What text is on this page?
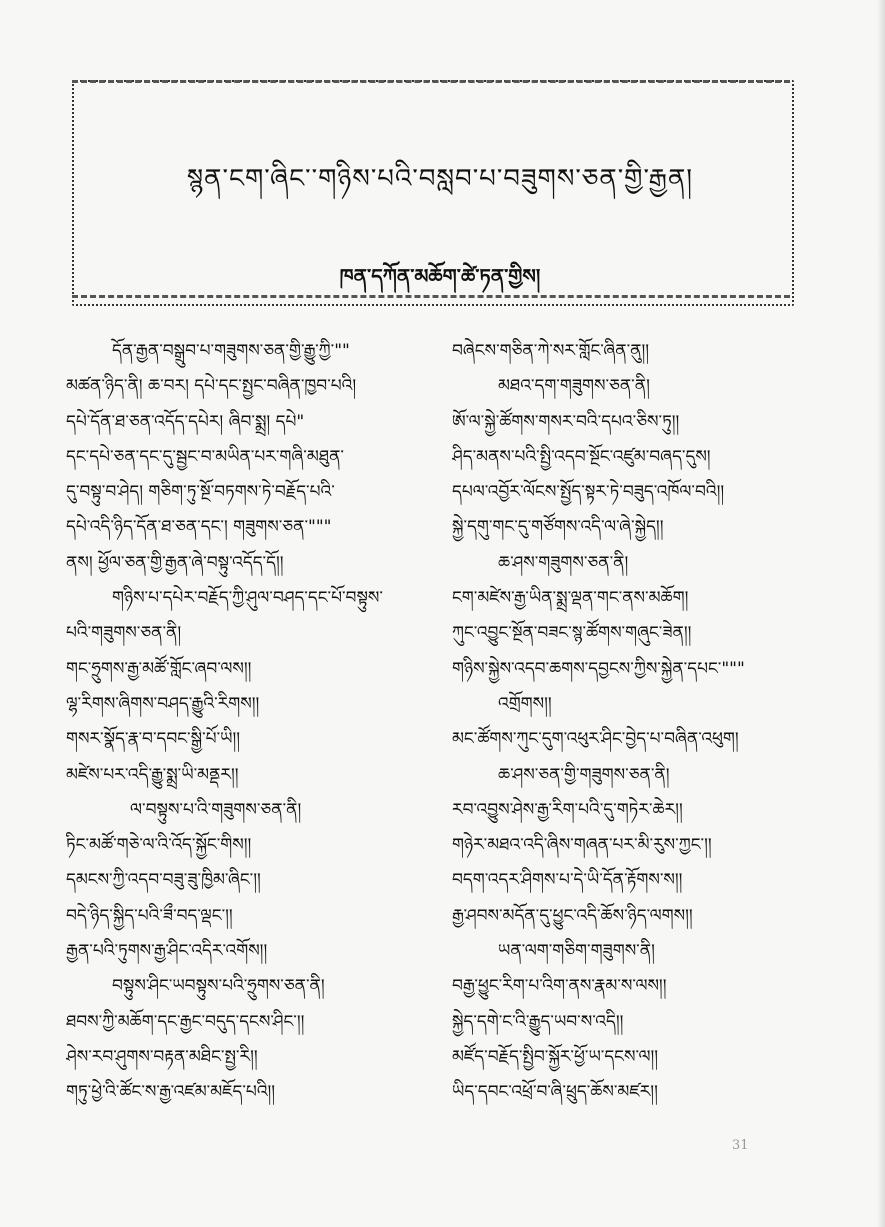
སྙན་ངག་ཞིང་་གཉིས་པའི་བསླབ་པ་བཟུགས་ཅན་གྱི་རྒྱན།
ཁན་དཀོན་མཆོག་ཚེ་ཏན་གྱིས།
དོན་རྒྱན་བསྒྲུབ་པ་གཟུགས་ཅན་གྱི་རྒྱུ་ཀྱི་""
མཚན་ཉིད་ནི། ཆ་བར། དཔེ་དང་སྤྱང་བཞིན་ཁྱབ་པའི།
དཔེ་དོན་ཐ་ཅན་འདོད་དཔེར། ཞིབ་སྨྲ། དཔེ"
དང་དཔེ་ཅན་དང་དུ་སྦྱང་བ་མཡིན་པར་གཞི་མཐུན་
དུ་བསྟུ་བ་ཤེད། གཅིག་ཏུ་སྔོ་བཏགས་ཏེ་བརྗོད་པའི་
དཔེ་འདི་ཉིད་དོན་ཐ་ཅན་དང་། གཟུགས་ཅན་"""
ནས། ཕྱོལ་ཅན་གྱི་རྒྱན་ཞེ་བསྟུ་འདོད་དོ།།
གཉིས་པ་དཔེར་བརྗོད་ཀྱི་ཤུལ་བཤད་དང་པོ་བསྟུས་
པའི་གཟུགས་ཅན་ནི།
གང་ཧྲུགས་རྒྱ་མཚོ་གློང་ཞབ་ལས།།
ལྷ་རིགས་ཞིགས་བཤད་རྒྱུའི་རིགས།།
གསར་སྣོད་རྣ་བ་དབང་སྒྱི་པོ་ཡི།།
མཛེས་པར་འདི་རྒྱུ་སྨྲ་ཡི་མནྡར།།
ལ་བསྟུས་པ་འི་གཟུགས་ཅན་ནི།
ཏིང་མཚོ་གཅེ་ལ་འི་འོད་སྐྱོང་གིས།།
དམངས་ཀྱི་འདབ་བཟུ་ཟུ་ཁྱིམ་ཞིང་།།
བདེ་ཉིད་སྐྱིད་པའི་ཟྀ་བད་ལྡང་།།
རྒྱན་པའི་ཏུགས་རྒྱ་ཤིང་འདིར་འགོས།།
བསྟུས་ཤིང་ཡབསྟུས་པའི་ཧྲུགས་ཅན་ནི།
ཐབས་ཀྱི་མཆོག་དང་རྒྱང་བདུད་དངས་ཤིང་།།
ཤེས་རབ་ཤུགས་བརྟན་མཐིང་སྤྱ་རི།།
གཏུ་ཕྱེ་འི་ཚོང་ས་རྒྱ་འཛམ་མཇོད་པའི།།
བཞེངས་གཅིན་ཀེ་སར་གློང་ཞིན་ནུ།།
མཐའ་དག་གཟུགས་ཅན་ནི།
ཨོ་ལ་སྐྱེ་ཚོགས་གསར་བའི་དཔའ་ཅིས་ཏུ།།
ཤིད་མནས་པའི་སྤྱི་འདབ་སྔོང་འཛུམ་བཞད་དུས།
དཔལ་འབྱོར་ལོངས་སྤྱོད་སྟར་ཏེ་བཟུད་འཁོལ་བའི།།
སྐྱེ་དགུ་གང་དུ་གཙོགས་འདི་ལ་ཞེ་སྐྱེད།།
ཆ་ཤས་གཟུགས་ཅན་ནི།
ངག་མཛེས་རྒྱ་ཡིན་སྨྲ་ལྡན་གང་ནས་མཆོག།
ཀུང་འབྱུང་སྔོན་བཟང་སྙ་ཚོགས་གཞུང་ཟེན།།
གཉིས་སྐྱེས་འདབ་ཆགས་དབྱངས་ཀྱིས་སྐྱེན་དཔང་"""
འགྲོགས།།
མང་ཚོགས་ཀུང་དུག་འཕུར་ཤིང་བྱེད་པ་བཞིན་འཕུག།
ཆ་ཤས་ཅན་གྱི་གཟུགས་ཅན་ནི།
རབ་འབྱུས་ཤེས་རྒྱ་རིག་པའི་དུ་གཏེར་ཆེར།།
གཉེར་མཐའ་འདི་ཞིས་གཞན་པར་མི་རུས་ཀྱང་།།
བདག་འདར་ཤིགས་པ་དེ་ཡི་དོན་རྟོགས་ས།།
རྒྱ་ཤབས་མདོན་དུ་ཕྱུང་འདི་ཆོས་ཉིད་ལགས།།
ཡན་ལག་གཅིག་གཟུགས་ནི།
བརྒྱ་ཕྱུང་རིག་པ་འིག་ནས་རྣམ་ས་ལས།།
སྐྱེད་དགེ་ང་འི་རྒྱུད་ཡབ་ས་འདི།།
མཛོད་བརྗོད་སྤྱིབ་སྐྱོར་ཕྱོ་ཡ་དངས་ལ།།
ཡིད་དབང་འཕྲོ་བ་ཞི་ཕྲུད་ཆོས་མཛར།།
31
